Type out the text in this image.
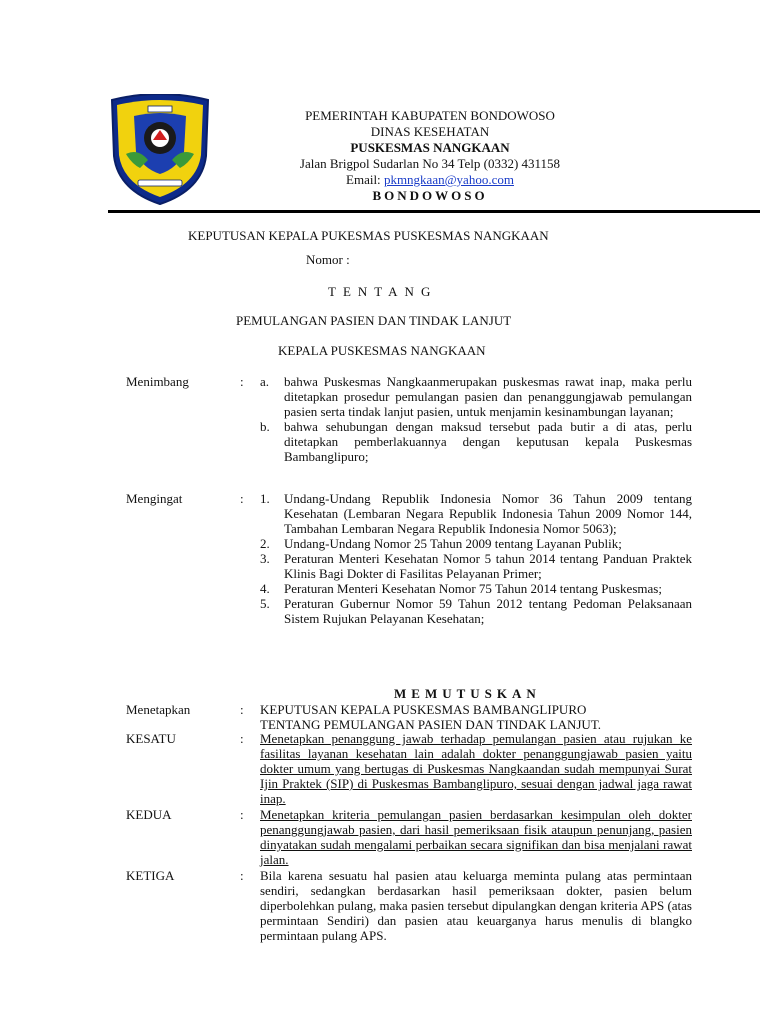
PEMERINTAH KABUPATEN BONDOWOSO
DINAS KESEHATAN
PUSKESMAS NANGKAAN
Jalan Brigpol Sudarlan No 34 Telp (0332) 431158
Email: pkmngkaan@yahoo.com
BONDOWOSO
KEPUTUSAN KEPALA PUKESMAS PUSKESMAS NANGKAAN
Nomor :
TENTANG
PEMULANGAN PASIEN DAN TINDAK LANJUT
KEPALA PUSKESMAS NANGKAAN
Menimbang	: a. bahwa Puskesmas Nangkaanmerupakan puskesmas rawat inap, maka perlu ditetapkan prosedur pemulangan pasien dan penanggungjawab pemulangan pasien serta tindak lanjut pasien, untuk menjamin kesinambungan layanan;

b. bahwa sehubungan dengan maksud tersebut pada butir a di atas, perlu ditetapkan pemberlakuannya dengan keputusan kepala Puskesmas Bambanglipuro;

Mengingat	: 1. Undang-Undang Republik Indonesia Nomor 36 Tahun 2009 tentang Kesehatan (Lembaran Negara Republik Indonesia Tahun 2009 Nomor 144, Tambahan Lembaran Negara Republik Indonesia Nomor 5063);

2. Undang-Undang Nomor 25 Tahun 2009 tentang Layanan Publik;

3. Peraturan Menteri Kesehatan Nomor 5 tahun 2014 tentang Panduan Praktek Klinis Bagi Dokter di Fasilitas Pelayanan Primer;

4. Peraturan Menteri Kesehatan Nomor 75 Tahun 2014 tentang Puskesmas;

5. Peraturan Gubernur Nomor 59 Tahun 2012 tentang Pedoman Pelaksanaan Sistem Rujukan Pelayanan Kesehatan;

MEMUTUSKAN
Menetapkan	: KEPUTUSAN KEPALA PUSKESMAS BAMBANGLIPURO
TENTANG PEMULANGAN PASIEN DAN TINDAK LANJUT.
KESATU	: Menetapkan penanggung jawab terhadap pemulangan pasien atau rujukan ke fasilitas layanan kesehatan lain adalah dokter penanggungjawab pasien yaitu dokter umum yang bertugas di Puskesmas Nangkaandan sudah mempunyai Surat Ijin Praktek (SIP) di Puskesmas Bambanglipuro, sesuai dengan jadwal jaga rawat inap.

KEDUA	: Menetapkan kriteria pemulangan pasien berdasarkan kesimpulan oleh dokter penanggungjawab pasien, dari hasil pemeriksaan fisik ataupun penunjang, pasien dinyatakan sudah mengalami perbaikan secara signifikan dan bisa menjalani rawat jalan.

KETIGA	: Bila karena sesuatu hal pasien atau keluarga meminta pulang atas permintaan sendiri, sedangkan berdasarkan hasil pemeriksaan dokter, pasien belum diperbolehkan pulang, maka pasien tersebut dipulangkan dengan kriteria APS (atas permintaan Sendiri) dan pasien atau keuarganya harus menulis di blangko permintaan pulang APS.
